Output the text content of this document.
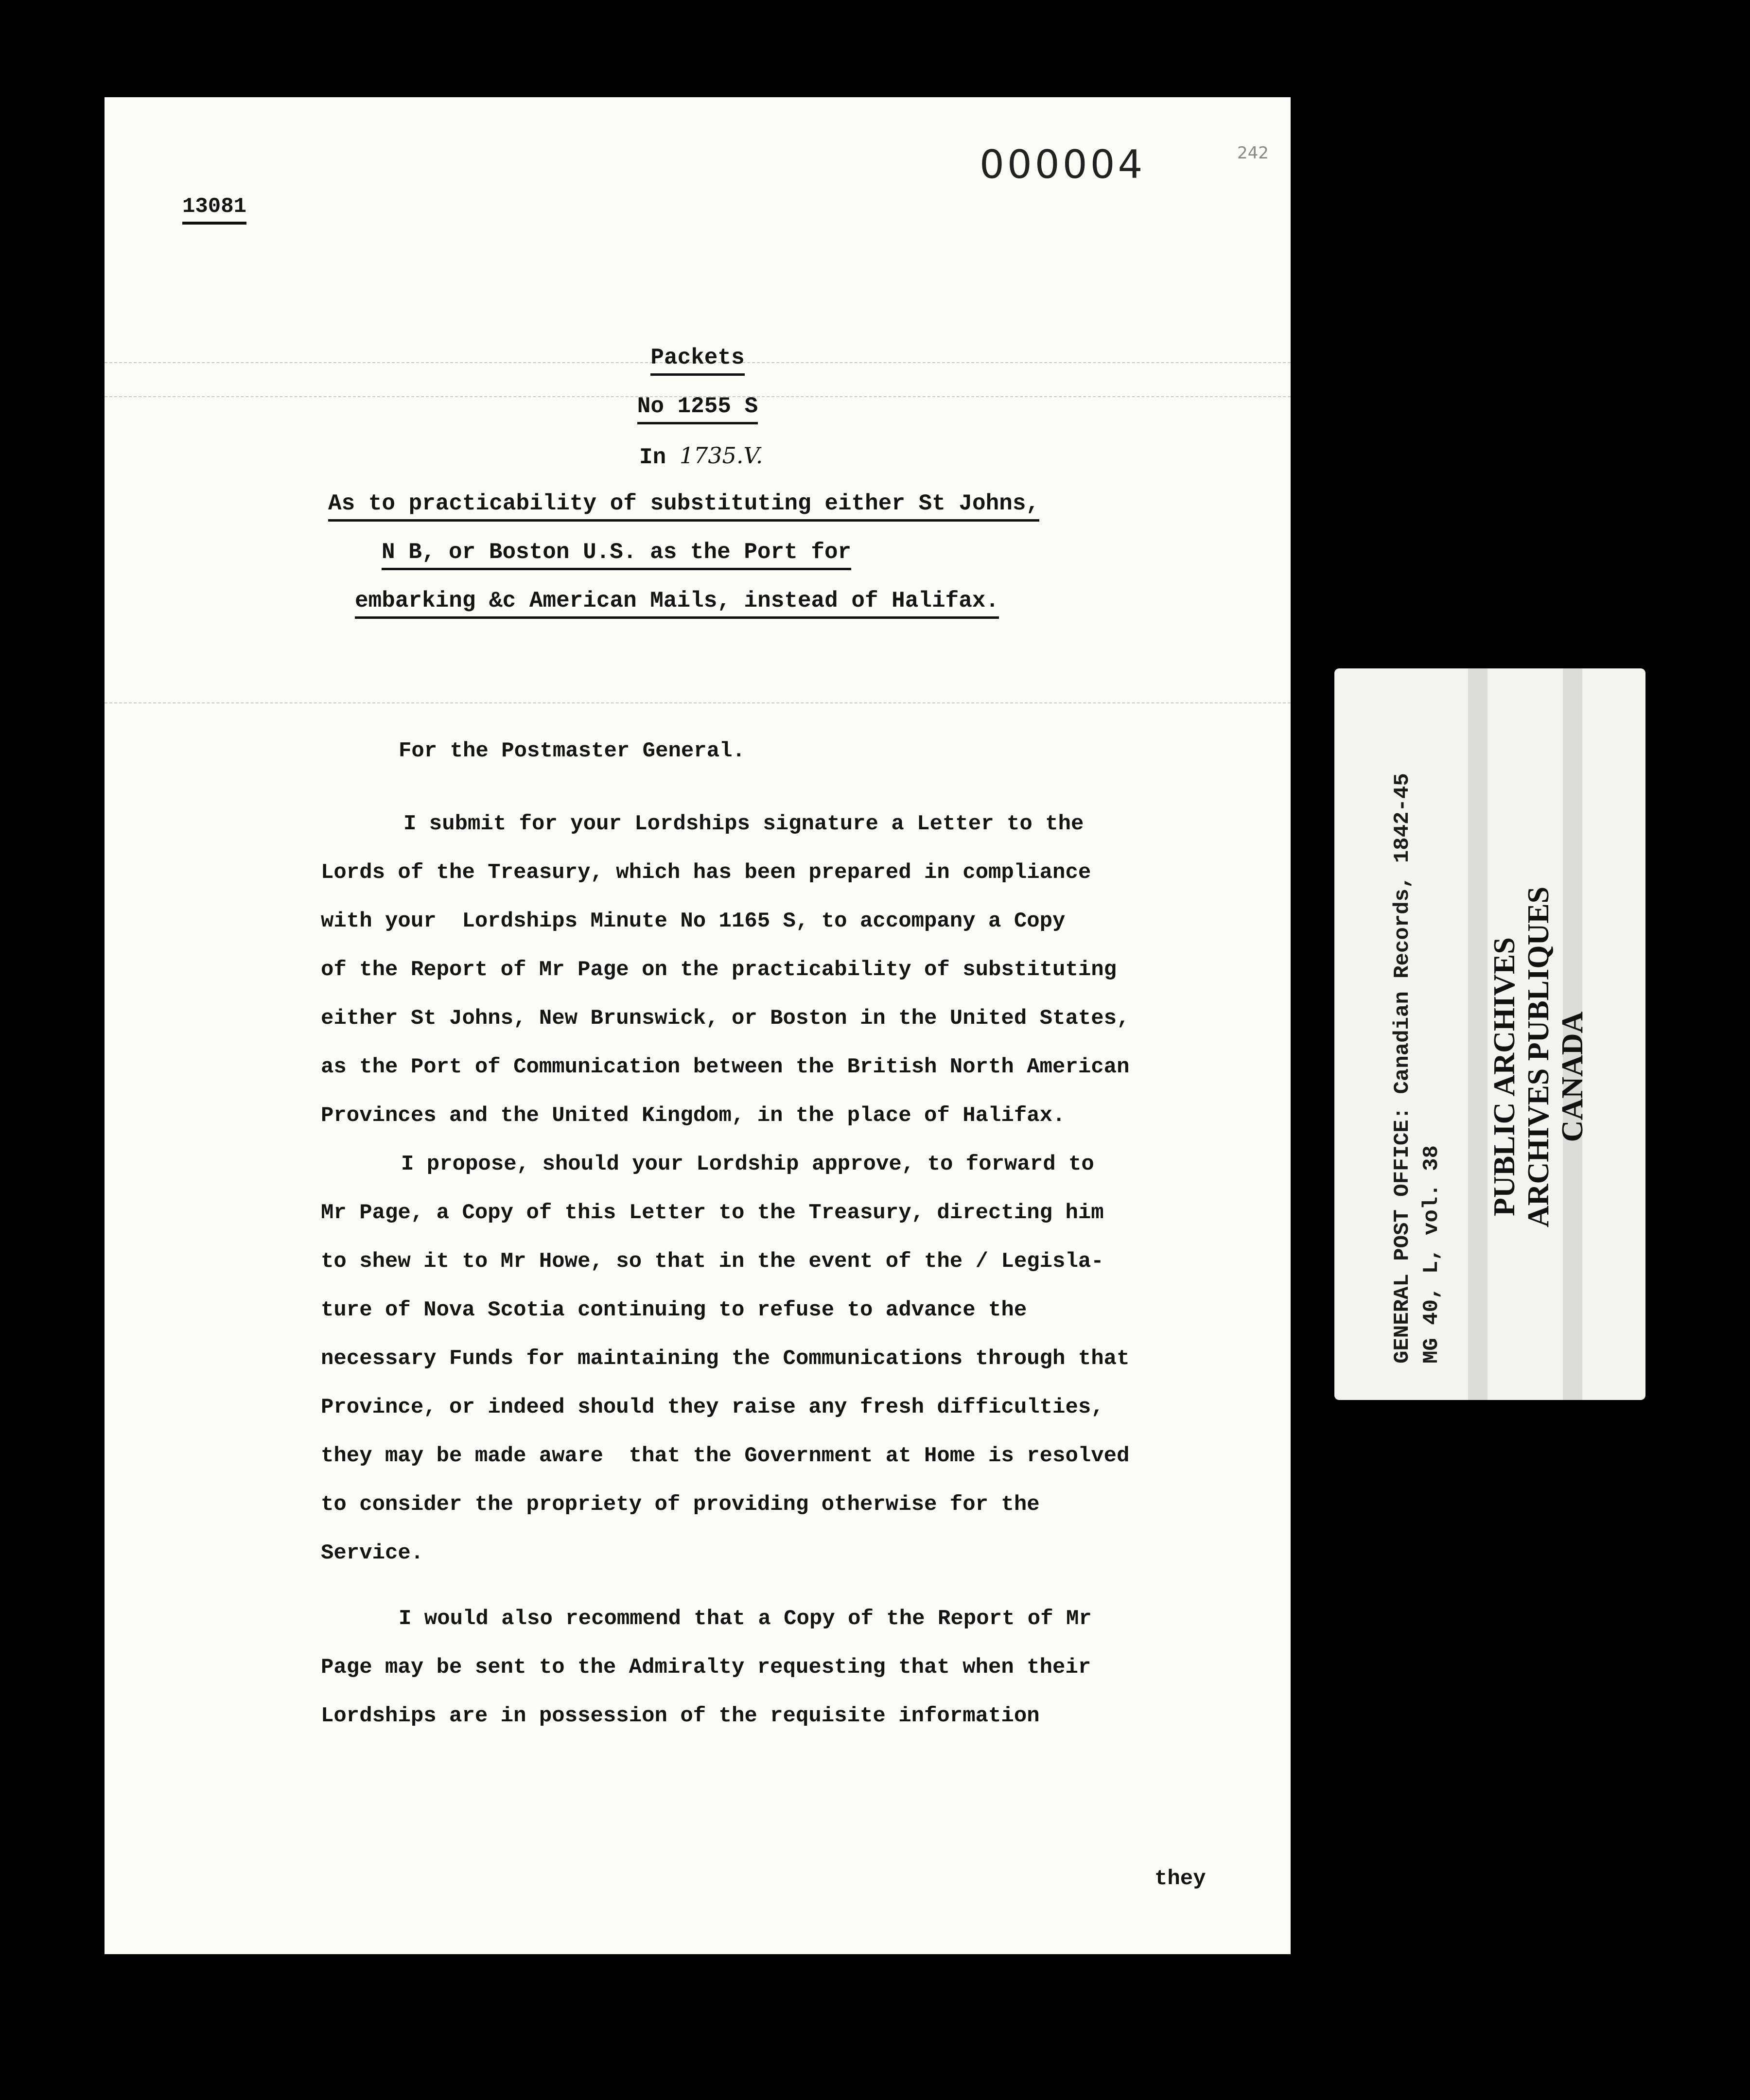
13081
000004	242
Packets
No 1255 S
In 1735.V.
As to practicability of substituting either St Johns,
N B, or Boston U.S. as the Port for
embarking &c American Mails, instead of Halifax.
For the Postmaster General.
I submit for your Lordships signature a Letter to the
Lords of the Treasury, which has been prepared in compliance
with your  Lordships Minute No 1165 S, to accompany a Copy
of the Report of Mr Page on the practicability of substituting
either St Johns, New Brunswick, or Boston in the United States,
as the Port of Communication between the British North American
Provinces and the United Kingdom, in the place of Halifax.
I propose, should your Lordship approve, to forward to
Mr Page, a Copy of this Letter to the Treasury, directing him
to shew it to Mr Howe, so that in the event of the / Legisla-
ture of Nova Scotia continuing to refuse to advance the
necessary Funds for maintaining the Communications through that
Province, or indeed should they raise any fresh difficulties,
they may be made aware  that the Government at Home is resolved
to consider the propriety of providing otherwise for the
Service.
I would also recommend that a Copy of the Report of Mr
Page may be sent to the Admiralty requesting that when their
Lordships are in possession of the requisite information
they
GENERAL POST OFFICE: Canadian Records, 1842-45 MG 40, L, vol. 38
PUBLIC ARCHIVES ARCHIVES PUBLIQUES CANADA
